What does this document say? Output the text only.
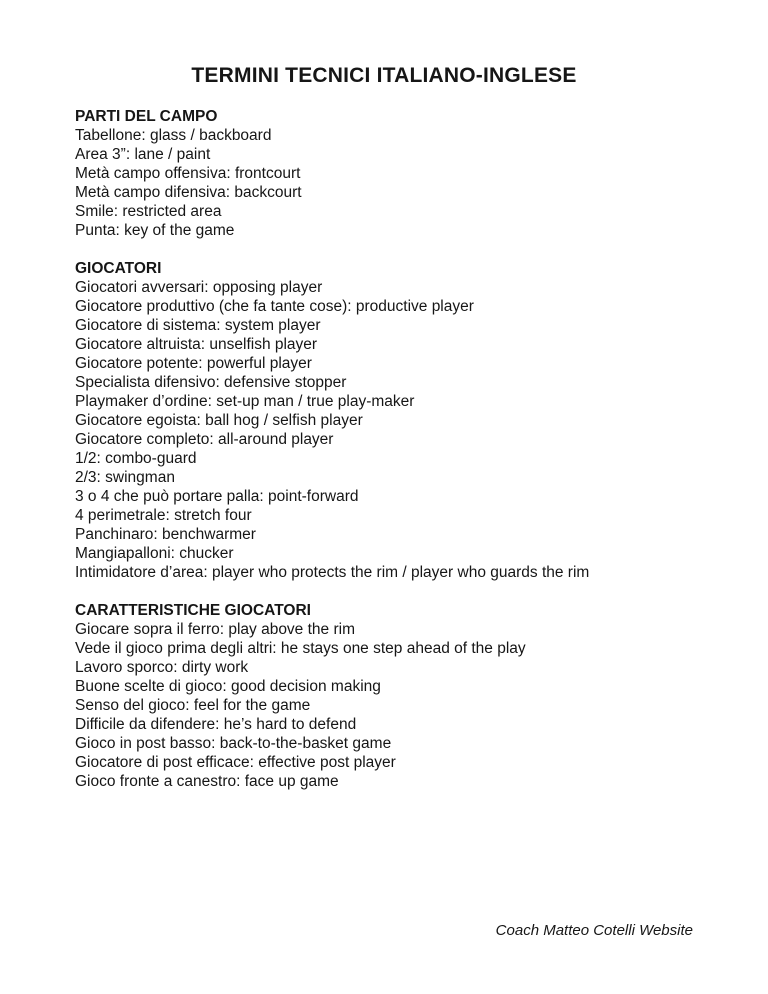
TERMINI TECNICI ITALIANO-INGLESE
PARTI DEL CAMPO
Tabellone: glass / backboard
Area 3”: lane / paint
Metà campo offensiva: frontcourt
Metà campo difensiva: backcourt
Smile: restricted area
Punta: key of the game
GIOCATORI
Giocatori avversari: opposing player
Giocatore produttivo (che fa tante cose): productive player
Giocatore di sistema: system player
Giocatore altruista: unselfish player
Giocatore potente: powerful player
Specialista difensivo: defensive stopper
Playmaker d’ordine: set-up man / true play-maker
Giocatore egoista: ball hog / selfish player
Giocatore completo: all-around player
1/2: combo-guard
2/3: swingman
3 o 4 che può portare palla: point-forward
4 perimetrale: stretch four
Panchinaro: benchwarmer
Mangiapalloni: chucker
Intimidatore d’area: player who protects the rim / player who guards the rim
CARATTERISTICHE GIOCATORI
Giocare sopra il ferro: play above the rim
Vede il gioco prima degli altri: he stays one step ahead of the play
Lavoro sporco: dirty work
Buone scelte di gioco: good decision making
Senso del gioco: feel for the game
Difficile da difendere: he’s hard to defend
Gioco in post basso: back-to-the-basket game
Giocatore di post efficace: effective post player
Gioco fronte a canestro: face up game
Coach Matteo Cotelli Website
